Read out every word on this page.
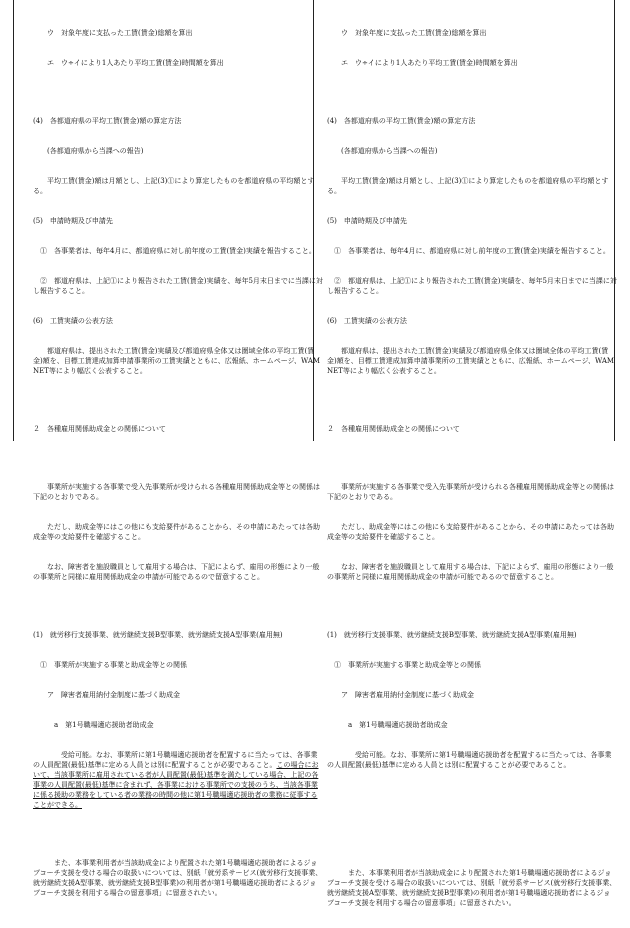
　　ウ　対象年度に支払った工賃(賃金)総額を算出

　　エ　ウ÷イにより1人あたり平均工賃(賃金)時間額を算出

(4)　各都道府県の平均工賃(賃金)額の算定方法

　　(各都道府県から当課への報告)

　　平均工賃(賃金)額は月額とし、上記(3)①により算定したものを都道府県の平均額とする。

(5)　申請時期及び申請先

　①　各事業者は、毎年4月に、都道府県に対し前年度の工賃(賃金)実績を報告すること。

　②　都道府県は、上記①により報告された工賃(賃金)実績を、毎年5月末日までに当課に対し報告すること。

(6)　工賃実績の公表方法

　　都道府県は、提出された工賃(賃金)実績及び都道府県全体又は圏域全体の平均工賃(賃金)額を、目標工賃達成加算申請事業所の工賃実績とともに、広報紙、ホームページ、WAMNET等により幅広く公表すること。

２　各種雇用関係助成金との関係について

　　事業所が実施する各事業で受入先事業所が受けられる各種雇用関係助成金等との関係は下記のとおりである。

　　ただし、助成金等にはこの他にも支給要件があることから、その申請にあたっては各助成金等の支給要件を確認すること。

　　なお、障害者を施設職員として雇用する場合は、下記によらず、雇用の形態により一般の事業所と同様に雇用関係助成金の申請が可能であるので留意すること。

(1)　就労移行支援事業、就労継続支援B型事業、就労継続支援A型事業(雇用無)

　①　事業所が実施する事業と助成金等との関係

　　ア　障害者雇用納付金制度に基づく助成金

　　　a　第1号職場適応援助者助成金

　　　　受給可能。なお、事業所に第1号職場適応援助者を配置するに当たっては、各事業の人員配置(最低)基準に定める人員とは別に配置することが必要であること。この場合において、当該事業所に雇用されている者が人員配置(最低)基準を満たしている場合、上記の各事業の人員配置(最低)基準に含まれず、各事業における事業所での支援のうち、当該各事業に係る援助の業務をしている者の業務の時間の他に第1号職場適応援助者の業務に従事することができる。

　　　また、本事業利用者が当該助成金により配置された第1号職場適応援助者によるジョブコーチ支援を受ける場合の取扱いについては、別紙「就労系サービス(就労移行支援事業、就労継続支援A型事業、就労継続支援B型事業)の利用者が第1号職場適応援助者によるジョブコーチ支援を利用する場合の留意事項」に留意されたい。

　　ウ　対象年度に支払った工賃(賃金)総額を算出

　　エ　ウ÷イにより1人あたり平均工賃(賃金)時間額を算出

(4)　各都道府県の平均工賃(賃金)額の算定方法

　　(各都道府県から当課への報告)

　　平均工賃(賃金)額は月額とし、上記(3)①により算定したものを都道府県の平均額とする。

(5)　申請時期及び申請先

　①　各事業者は、毎年4月に、都道府県に対し前年度の工賃(賃金)実績を報告すること。

　②　都道府県は、上記①により報告された工賃(賃金)実績を、毎年5月末日までに当課に対し報告すること。

(6)　工賃実績の公表方法

　　都道府県は、提出された工賃(賃金)実績及び都道府県全体又は圏域全体の平均工賃(賃金)額を、目標工賃達成加算申請事業所の工賃実績とともに、広報紙、ホームページ、WAMNET等により幅広く公表すること。

２　各種雇用関係助成金との関係について

　　事業所が実施する各事業で受入先事業所が受けられる各種雇用関係助成金等との関係は下記のとおりである。

　　ただし、助成金等にはこの他にも支給要件があることから、その申請にあたっては各助成金等の支給要件を確認すること。

　　なお、障害者を施設職員として雇用する場合は、下記によらず、雇用の形態により一般の事業所と同様に雇用関係助成金の申請が可能であるので留意すること。

(1)　就労移行支援事業、就労継続支援B型事業、就労継続支援A型事業(雇用無)

　①　事業所が実施する事業と助成金等との関係

　　ア　障害者雇用納付金制度に基づく助成金

　　　a　第1号職場適応援助者助成金

　　　　受給可能。なお、事業所に第1号職場適応援助者を配置するに当たっては、各事業の人員配置(最低)基準に定める人員とは別に配置することが必要であること。

　　　また、本事業利用者が当該助成金により配置された第1号職場適応援助者によるジョブコーチ支援を受ける場合の取扱いについては、別紙「就労系サービス(就労移行支援事業、就労継続支援A型事業、就労継続支援B型事業)の利用者が第1号職場適応援助者によるジョブコーチ支援を利用する場合の留意事項」に留意されたい。
